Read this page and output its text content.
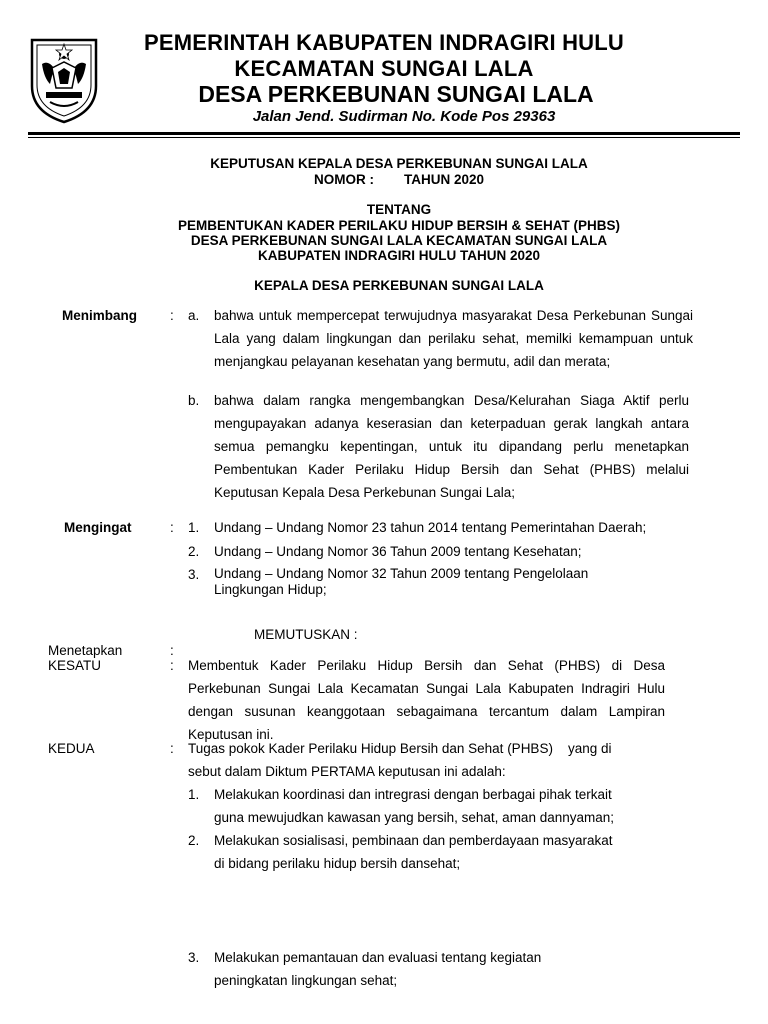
PEMERINTAH KABUPATEN INDRAGIRI HULU
KECAMATAN SUNGAI LALA
DESA PERKEBUNAN SUNGAI LALA
Jalan Jend. Sudirman No. Kode Pos 29363
KEPUTUSAN KEPALA DESA PERKEBUNAN SUNGAI LALA
NOMOR :        TAHUN 2020
TENTANG
PEMBENTUKAN KADER PERILAKU HIDUP BERSIH & SEHAT (PHBS)
DESA PERKEBUNAN SUNGAI LALA KECAMATAN SUNGAI LALA
KABUPATEN INDRAGIRI HULU TAHUN 2020
KEPALA DESA PERKEBUNAN SUNGAI LALA
Menimbang : a. bahwa untuk mempercepat terwujudnya masyarakat Desa Perkebunan Sungai Lala yang dalam lingkungan dan perilaku sehat, memilki kemampuan untuk menjangkau pelayanan kesehatan yang bermutu, adil dan merata;
b. bahwa dalam rangka mengembangkan Desa/Kelurahan Siaga Aktif perlu mengupayakan adanya keserasian dan keterpaduan gerak langkah antara semua pemangku kepentingan, untuk itu dipandang perlu menetapkan Pembentukan Kader Perilaku Hidup Bersih dan Sehat (PHBS) melalui Keputusan Kepala Desa Perkebunan Sungai Lala;
Mengingat	: 1. Undang – Undang Nomor 23 tahun 2014 tentang Pemerintahan Daerah;
2. Undang – Undang Nomor 36 Tahun 2009 tentang Kesehatan;
3. Undang – Undang Nomor 32 Tahun 2009 tentang Pengelolaan Lingkungan Hidup;
MEMUTUSKAN :
Menetapkan	:
KESATU	: Membentuk Kader Perilaku Hidup Bersih dan Sehat (PHBS) di Desa Perkebunan Sungai Lala Kecamatan Sungai Lala Kabupaten Indragiri Hulu dengan susunan keanggotaan sebagaimana tercantum dalam Lampiran Keputusan ini.
KEDUA	: Tugas pokok Kader Perilaku Hidup Bersih dan Sehat (PHBS)    yang di
sebut dalam Diktum PERTAMA keputusan ini adalah:
1. Melakukan koordinasi dan intregrasi dengan berbagai pihak terkait
guna mewujudkan kawasan yang bersih, sehat, aman dannyaman;
2. Melakukan sosialisasi, pembinaan dan pemberdayaan masyarakat
di bidang perilaku hidup bersih dansehat;
3. Melakukan pemantauan dan evaluasi tentang kegiatan
peningkatan lingkungan sehat;
